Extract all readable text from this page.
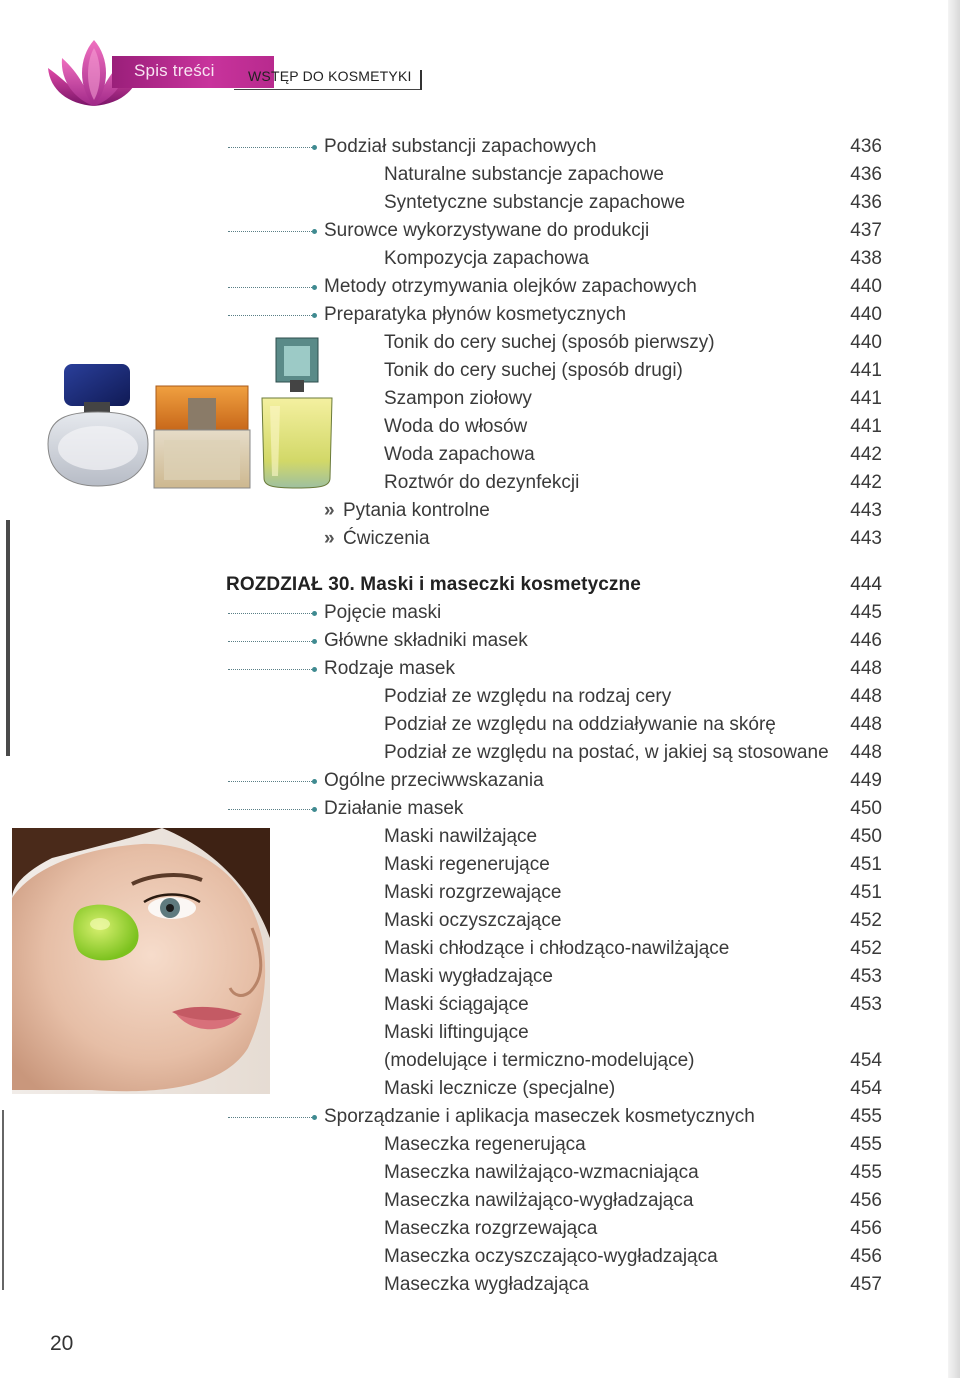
Spis treści WSTĘP DO KOSMETYKI
Podział substancji zapachowych	436
Naturalne substancje zapachowe	436
Syntetyczne substancje zapachowe	436
Surowce wykorzystywane do produkcji	437
Kompozycja zapachowa	438
Metody otrzymywania olejków zapachowych	440
Preparatyka płynów kosmetycznych	440
Tonik do cery suchej (sposób pierwszy)	440
Tonik do cery suchej (sposób drugi)	441
Szampon ziołowy	441
Woda do włosów	441
Woda zapachowa	442
Roztwór do dezynfekcji	442
» Pytania kontrolne	443
» Ćwiczenia	443
ROZDZIAŁ 30. Maski i maseczki kosmetyczne	444
Pojęcie maski	445
Główne składniki masek	446
Rodzaje masek	448
Podział ze względu na rodzaj cery	448
Podział ze względu na oddziaływanie na skórę	448
Podział ze względu na postać, w jakiej są stosowane 448
Ogólne przeciwwskazania	449
Działanie masek	450
Maski nawilżające	450
Maski regenerujące	451
Maski rozgrzewające	451
Maski oczyszczające	452
Maski chłodzące i chłodząco-nawilżające	452
Maski wygładzające	453
Maski ściągające	453
Maski liftingujące
(modelujące i termiczno-modelujące)	454
Maski lecznicze (specjalne)	454
Sporządzanie i aplikacja maseczek kosmetycznych	455
Maseczka regenerująca	455
Maseczka nawilżająco-wzmacniająca	455
Maseczka nawilżająco-wygładzająca	456
Maseczka rozgrzewająca	456
Maseczka oczyszczająco-wygładzająca	456
Maseczka wygładzająca	457
20
